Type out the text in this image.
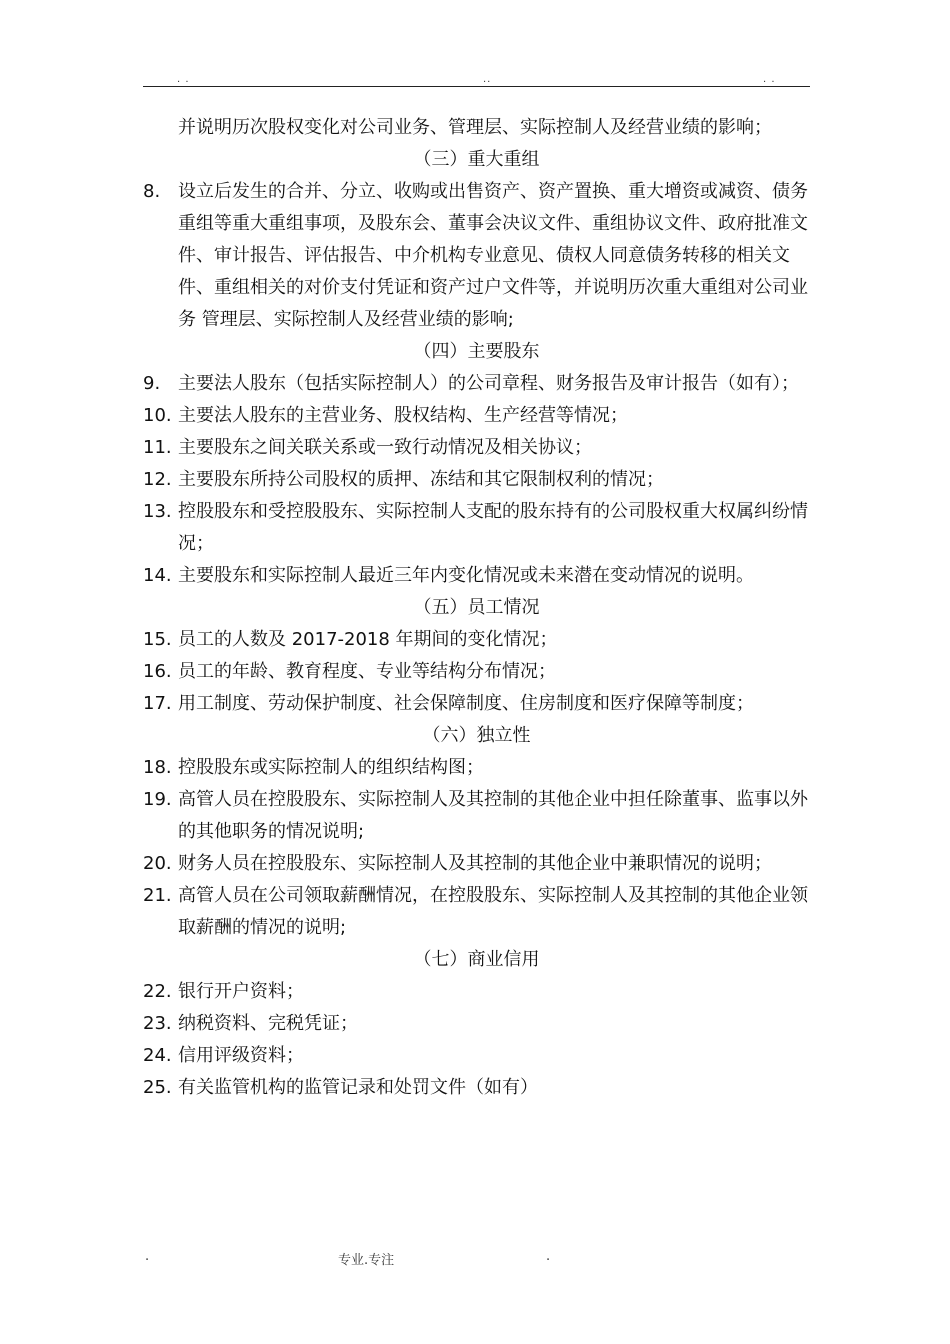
. .	..	. .
并说明历次股权变化对公司业务、管理层、实际控制人及经营业绩的影响；
（三）重大重组
8. 设立后发生的合并、分立、收购或出售资产、资产置换、重大增资或减资、债务重组等重大重组事项，及股东会、董事会决议文件、重组协议文件、政府批准文件、审计报告、评估报告、中介机构专业意见、债权人同意债务转移的相关文件、重组相关的对价支付凭证和资产过户文件等，并说明历次重大重组对公司业务 管理层、实际控制人及经营业绩的影响;
（四）主要股东
9. 主要法人股东（包括实际控制人）的公司章程、财务报告及审计报告（如有）；
10. 主要法人股东的主营业务、股权结构、生产经营等情况；
11. 主要股东之间关联关系或一致行动情况及相关协议；
12. 主要股东所持公司股权的质押、冻结和其它限制权利的情况；
13. 控股股东和受控股股东、实际控制人支配的股东持有的公司股权重大权属纠纷情况；
14. 主要股东和实际控制人最近三年内变化情况或未来潜在变动情况的说明。
（五）员工情况
15. 员工的人数及 2017-2018 年期间的变化情况；
16. 员工的年龄、教育程度、专业等结构分布情况；
17. 用工制度、劳动保护制度、社会保障制度、住房制度和医疗保障等制度；
（六）独立性
18. 控股股东或实际控制人的组织结构图；
19. 高管人员在控股股东、实际控制人及其控制的其他企业中担任除董事、监事以外的其他职务的情况说明;
20. 财务人员在控股股东、实际控制人及其控制的其他企业中兼职情况的说明；
21. 高管人员在公司领取薪酬情况，在控股股东、实际控制人及其控制的其他企业领取薪酬的情况的说明;
（七）商业信用
22. 银行开户资料；
23. 纳税资料、完税凭证；
24. 信用评级资料；
25. 有关监管机构的监管记录和处罚文件（如有）
.	专业.专注	.
